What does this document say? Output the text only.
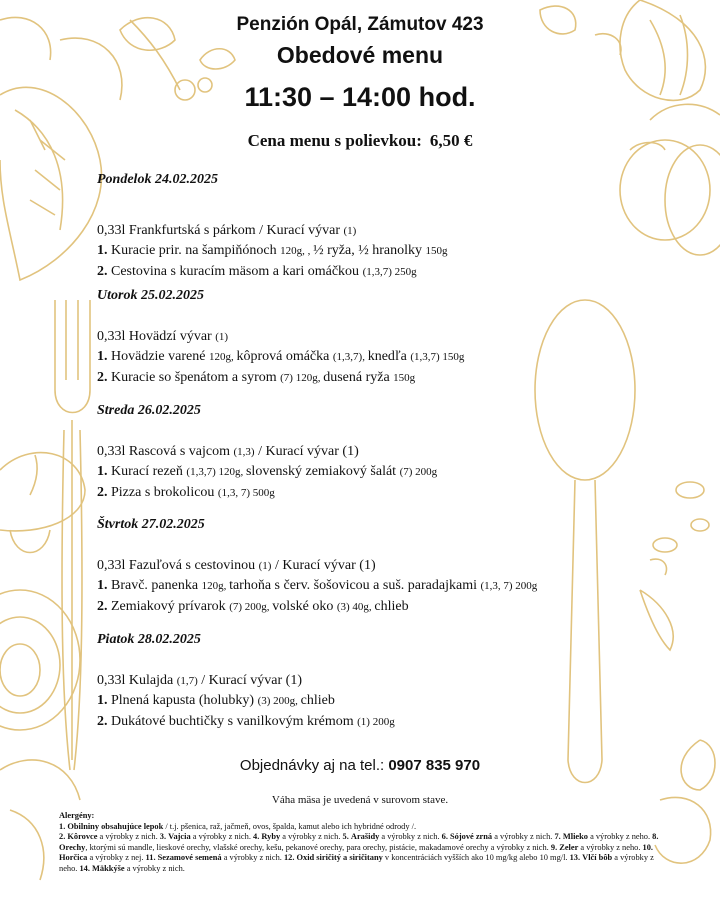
Penzión Opál, Zámutov 423
Obedové menu
11:30 – 14:00 hod.
Cena menu s polievkou: 6,50 €
Pondelok 24.02.2025
0,33l Frankfurtská s párkom / Kurací vývar (1)
1. Kuracie prir. na šampiňónoch 120g, , ½ ryža, ½ hranolky 150g
2. Cestovina s kuracím mäsom a kari omáčkou (1,3,7) 250g
Utorok 25.02.2025
0,33l Hovädzí vývar (1)
1. Hovädzie varené 120g, kôprová omáčka (1,3,7), knedľa (1,3,7) 150g
2. Kuracie so špenátom a syrom (7) 120g, dusená ryža 150g
Streda 26.02.2025
0,33l Rascová s vajcom (1,3) / Kurací vývar (1)
1. Kurací rezeň (1,3,7) 120g, slovenský zemiakový šalát (7) 200g
2. Pizza s brokolicou (1,3, 7) 500g
Štvrtok 27.02.2025
0,33l Fazuľová s cestovinou (1) / Kurací vývar (1)
1. Bravč. panenka 120g, tarhoňa s červ. šošovicou a suš. paradajkami (1,3, 7) 200g
2. Zemiakový prívarok (7) 200g, volské oko (3) 40g, chlieb
Piatok 28.02.2025
0,33l Kulajda (1,7) / Kurací vývar (1)
1. Plnená kapusta (holubky) (3) 200g, chlieb
2. Dukátové buchtičky s vanilkovým krémom (1) 200g
Objednávky aj na tel.: 0907 835 970
Váha mäsa je uvedená v surovom stave.
Alergény:
1. Obilniny obsahujúce lepok / t.j. pšenica, raž, jačmeň, ovos, špalda, kamut alebo ich hybridné odrody /.
2. Kôrovce a výrobky z nich. 3. Vajcia a výrobky z nich. 4. Ryby a výrobky z nich. 5. Arašidy a výrobky z nich. 6. Sójové zrná a výrobky z nich. 7. Mlieko a výrobky z neho. 8. Orechy, ktorými sú mandle, lieskové orechy, vlašské orechy, kešu, pekanové orechy, para orechy, pistácie, makadamové orechy a výrobky z nich. 9. Zeler a výrobky z neho. 10. Horčica a výrobky z nej. 11. Sezamové semená a výrobky z nich. 12. Oxid siričitý a siričitany v koncentráciách vyšších ako 10 mg/kg alebo 10 mg/l. 13. Vlčí bôb a výrobky z neho. 14. Mäkkýše a výrobky z nich.
